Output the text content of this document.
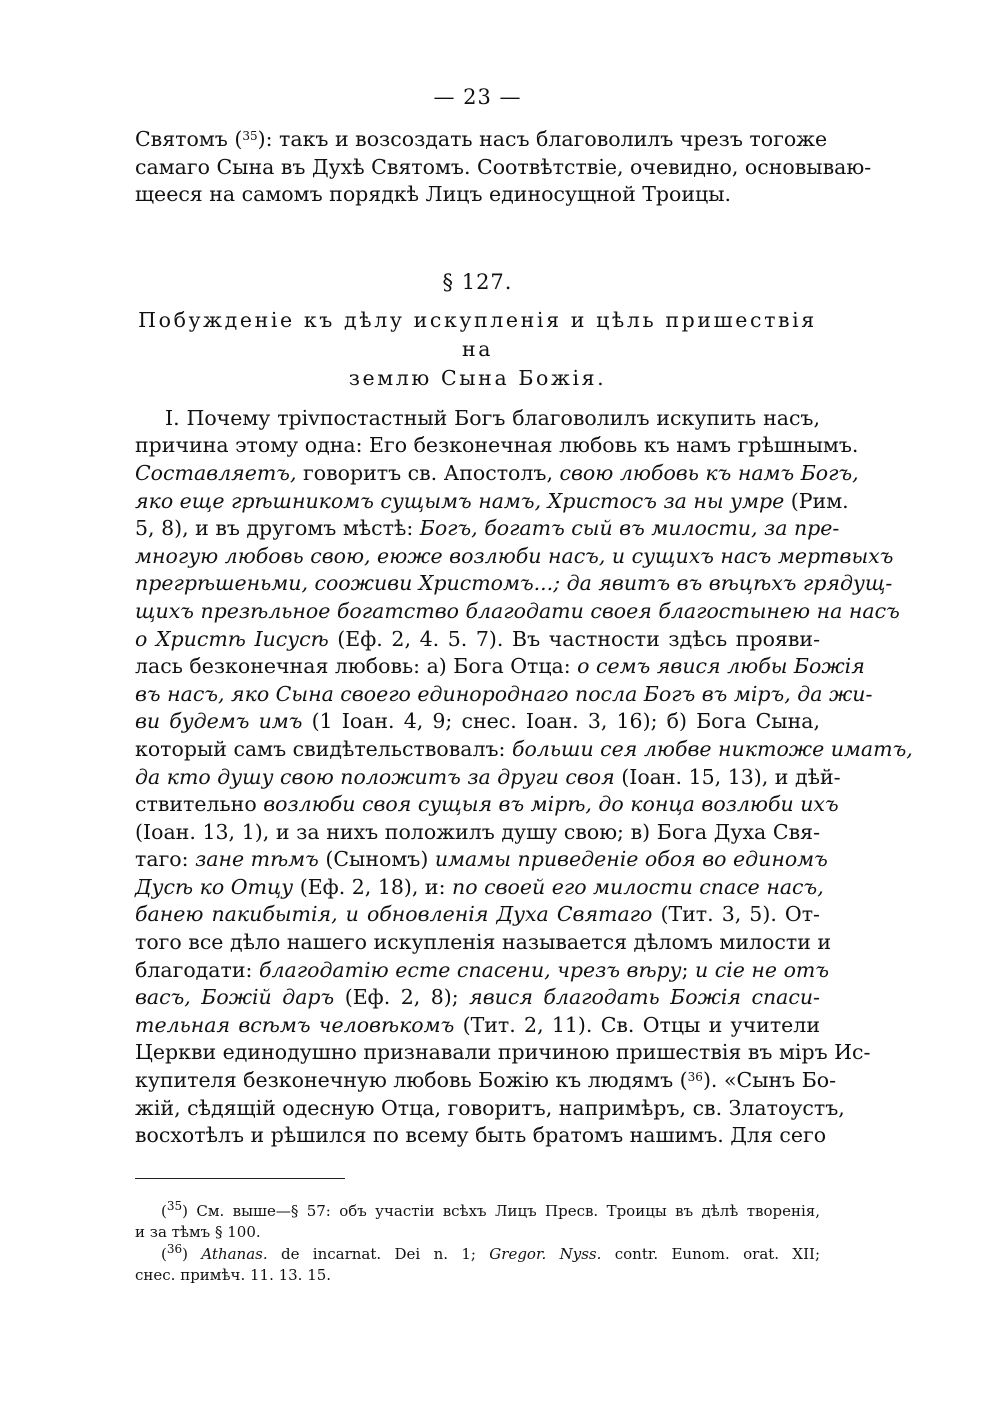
— 23 —
Святомъ ($^{35}$): такъ и возсоздать насъ благоволилъ чрезъ тогоже
самаго Сына въ Духѣ Святомъ. Соотвѣтствіе, очевидно, основываю-
щееся на самомъ порядкѣ Лицъ единосущной Троицы.
§ 127.
Побужденіе къ дѣлу искупленія и цѣль пришествія на
землю Сына Божія.
I. Почему тріvпостастный Богъ благоволилъ искупить насъ,
причина этому одна: Его безконечная любовь къ намъ грѣшнымъ.
Составляетъ, говоритъ св. Апостолъ, свою любовь къ намъ Богъ,
яко еще грѣшникомъ сущымъ намъ, Христосъ за ны умре (Рим.
5, 8), и въ другомъ мѣстѣ: Богъ, богатъ сый въ милости, за пре-
многую любовь свою, еюже возлюби насъ, и сущихъ насъ мертвыхъ
прегрѣшеньми, сооживи Христомъ...; да явитъ въ вѣцѣхъ грядущ-
щихъ презѣльное богатство благодати своея благостынею на насъ
о Христѣ Іисусѣ (Еф. 2, 4. 5. 7). Въ частности здѣсь прояви-
лась безконечная любовь: а) Бога Отца: о семъ явися любы Божія
въ насъ, яко Сына своего единороднаго посла Богъ въ міръ, да жи-
ви будемъ имъ (1 Іоан. 4, 9; снес. Іоан. 3, 16); б) Бога Сына,
который самъ свидѣтельствовалъ: больши сея любве никтоже иматъ,
да кто душу свою положитъ за други своя (Іоан. 15, 13), и дѣй-
ствительно возлюби своя сущыя въ мірѣ, до конца возлюби ихъ
(Іоан. 13, 1), и за нихъ положилъ душу свою; в) Бога Духа Свя-
таго: зане тѣмъ (Сыномъ) имамы приведеніе обоя во единомъ
Дусѣ ко Отцу (Еф. 2, 18), и: по своей его милости спасе насъ,
банею пакибытія, и обновленія Духа Святаго (Тит. 3, 5). От-
того все дѣло нашего искупленія называется дѣломъ милости и
благодати: благодатію есте спасени, чрезъ вѣру; и сіе не отъ
васъ, Божій даръ (Еф. 2, 8); явися благодать Божія спаси-
тельная всѣмъ человѣкомъ (Тит. 2, 11). Св. Отцы и учители
Церкви единодушно признавали причиною пришествія въ міръ Ис-
купителя безконечную любовь Божію къ людямъ ($^{36}$). «Сынъ Бо-
жій, сѣдящій одесную Отца, говоритъ, напримѣръ, св. Златоустъ,
восхотѣлъ и рѣшился по всему быть братомъ нашимъ. Для сего
($^{35}$) См. выше—§ 57: объ участіи всѣхъ Лицъ Пресв. Троицы въ дѣлѣ творенія,
и за тѣмъ § 100.
($^{36}$) Athanas. de incarnat. Dei n. 1; Gregor. Nyss. contr. Eunom. orat. XII;
снес. примѣч. 11. 13. 15.
